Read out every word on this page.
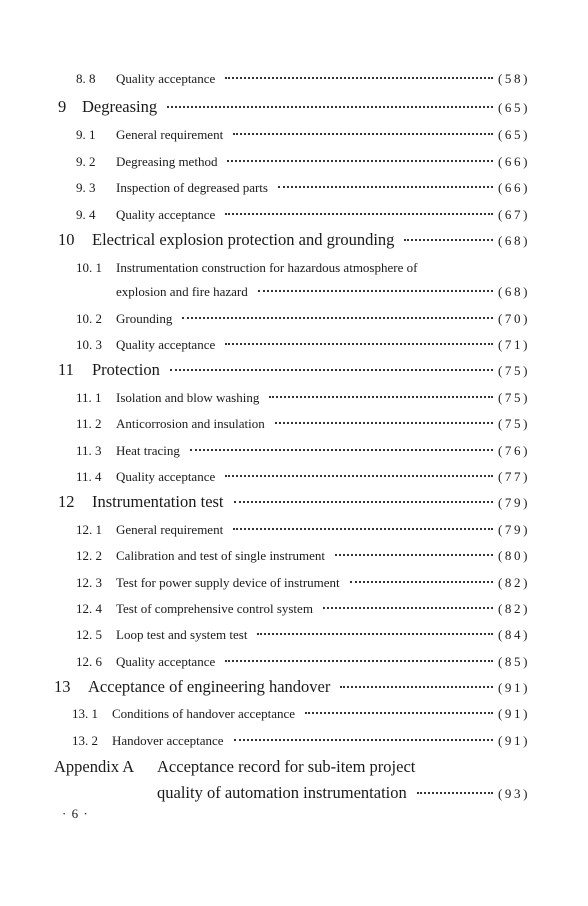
8. 8	Quality acceptance	(58)
9 Degreasing	(65)
9. 1	General requirement	(65)
9. 2	Degreasing method	(66)
9. 3	Inspection of degreased parts	(66)
9. 4	Quality acceptance	(67)
10	Electrical explosion protection and grounding	(68)
10. 1 Instrumentation construction for hazardous atmosphere of
explosion and fire hazard	(68)
10. 2	Grounding	(70)
10. 3	Quality acceptance	(71)
11	Protection	(75)
11. 1	Isolation and blow washing	(75)
11. 2	Anticorrosion and insulation	(75)
11. 3	Heat tracing	(76)
11. 4	Quality acceptance	(77)
12	Instrumentation test	(79)
12. 1	General requirement	(79)
12. 2	Calibration and test of single instrument	(80)
12. 3	Test for power supply device of instrument	(82)
12. 4	Test of comprehensive control system	(82)
12. 5	Loop test and system test	(84)
12. 6	Quality acceptance	(85)
13	Acceptance of engineering handover	(91)
13. 1	Conditions of handover acceptance	(91)
13. 2	Handover acceptance	(91)
Appendix A Acceptance record for sub-item project
quality of automation instrumentation	(93)
· 6 ·
